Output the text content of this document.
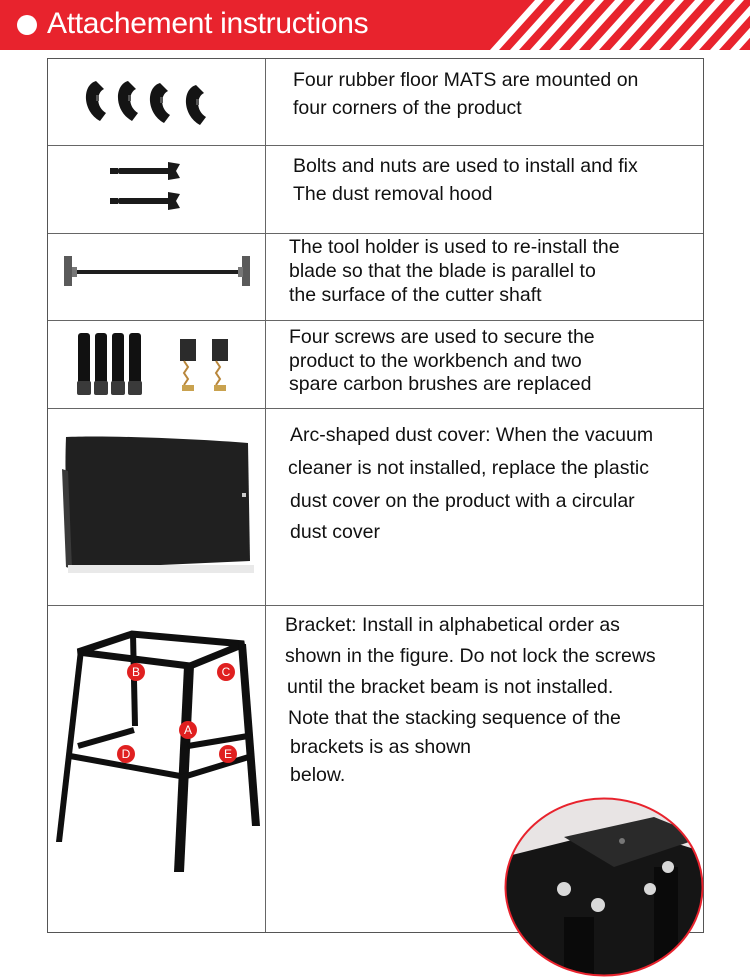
Attachement instructions
Four rubber floor MATS are mounted on
four corners of the product
Bolts and nuts are used to install and fix
The dust removal hood
The tool holder is used to re-install the
blade so that the blade is parallel to
the surface of the cutter shaft
Four screws are used to secure the
product to the workbench and two
spare carbon brushes are replaced
Arc-shaped dust cover: When the vacuum
cleaner is not installed, replace the plastic
dust cover on the product with a circular
dust cover
B	C
A
D	E
Bracket: Install in alphabetical order as
shown in the figure. Do not lock the screws
until the bracket beam is not installed.
Note that the stacking sequence of the
brackets is as shown
below.
